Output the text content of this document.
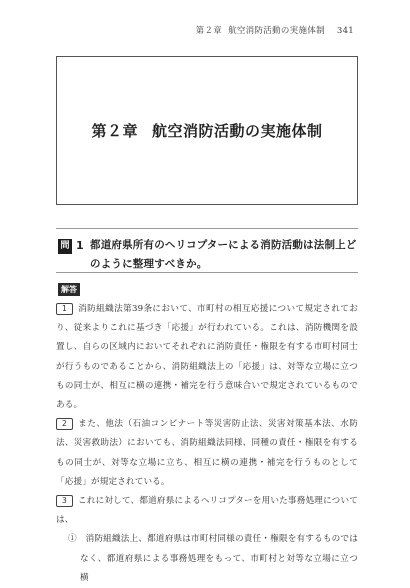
第２章 航空消防活動の実施体制 341
第２章 航空消防活動の実施体制
問 1 都道府県所有のヘリコプターによる消防活動は法制上どのように整理すべきか。
解答

1 消防組織法第39条において、市町村の相互応援について規定されており、従来よりこれに基づき「応援」が行われている。これは、消防機関を設置し、自らの区域内においてそれぞれに消防責任・権限を有する市町村同士が行うものであることから、消防組織法上の「応援」は、対等な立場に立つもの同士が、相互に横の連携・補完を行う意味合いで規定されているものである。

2 また、他法（石油コンビナート等災害防止法、災害対策基本法、水防法、災害救助法）においても、消防組織法同様、同種の責任・権限を有するもの同士が、対等な立場に立ち、相互に横の連携・補完を行うものとして「応援」が規定されている。

3 これに対して、都道府県によるヘリコプターを用いた事務処理については、

①　 消防組織法上、都道府県は市町村同様の責任・権限を有するものではなく、都道府県による事務処理をもって、市町村と対等な立場に立つ横
